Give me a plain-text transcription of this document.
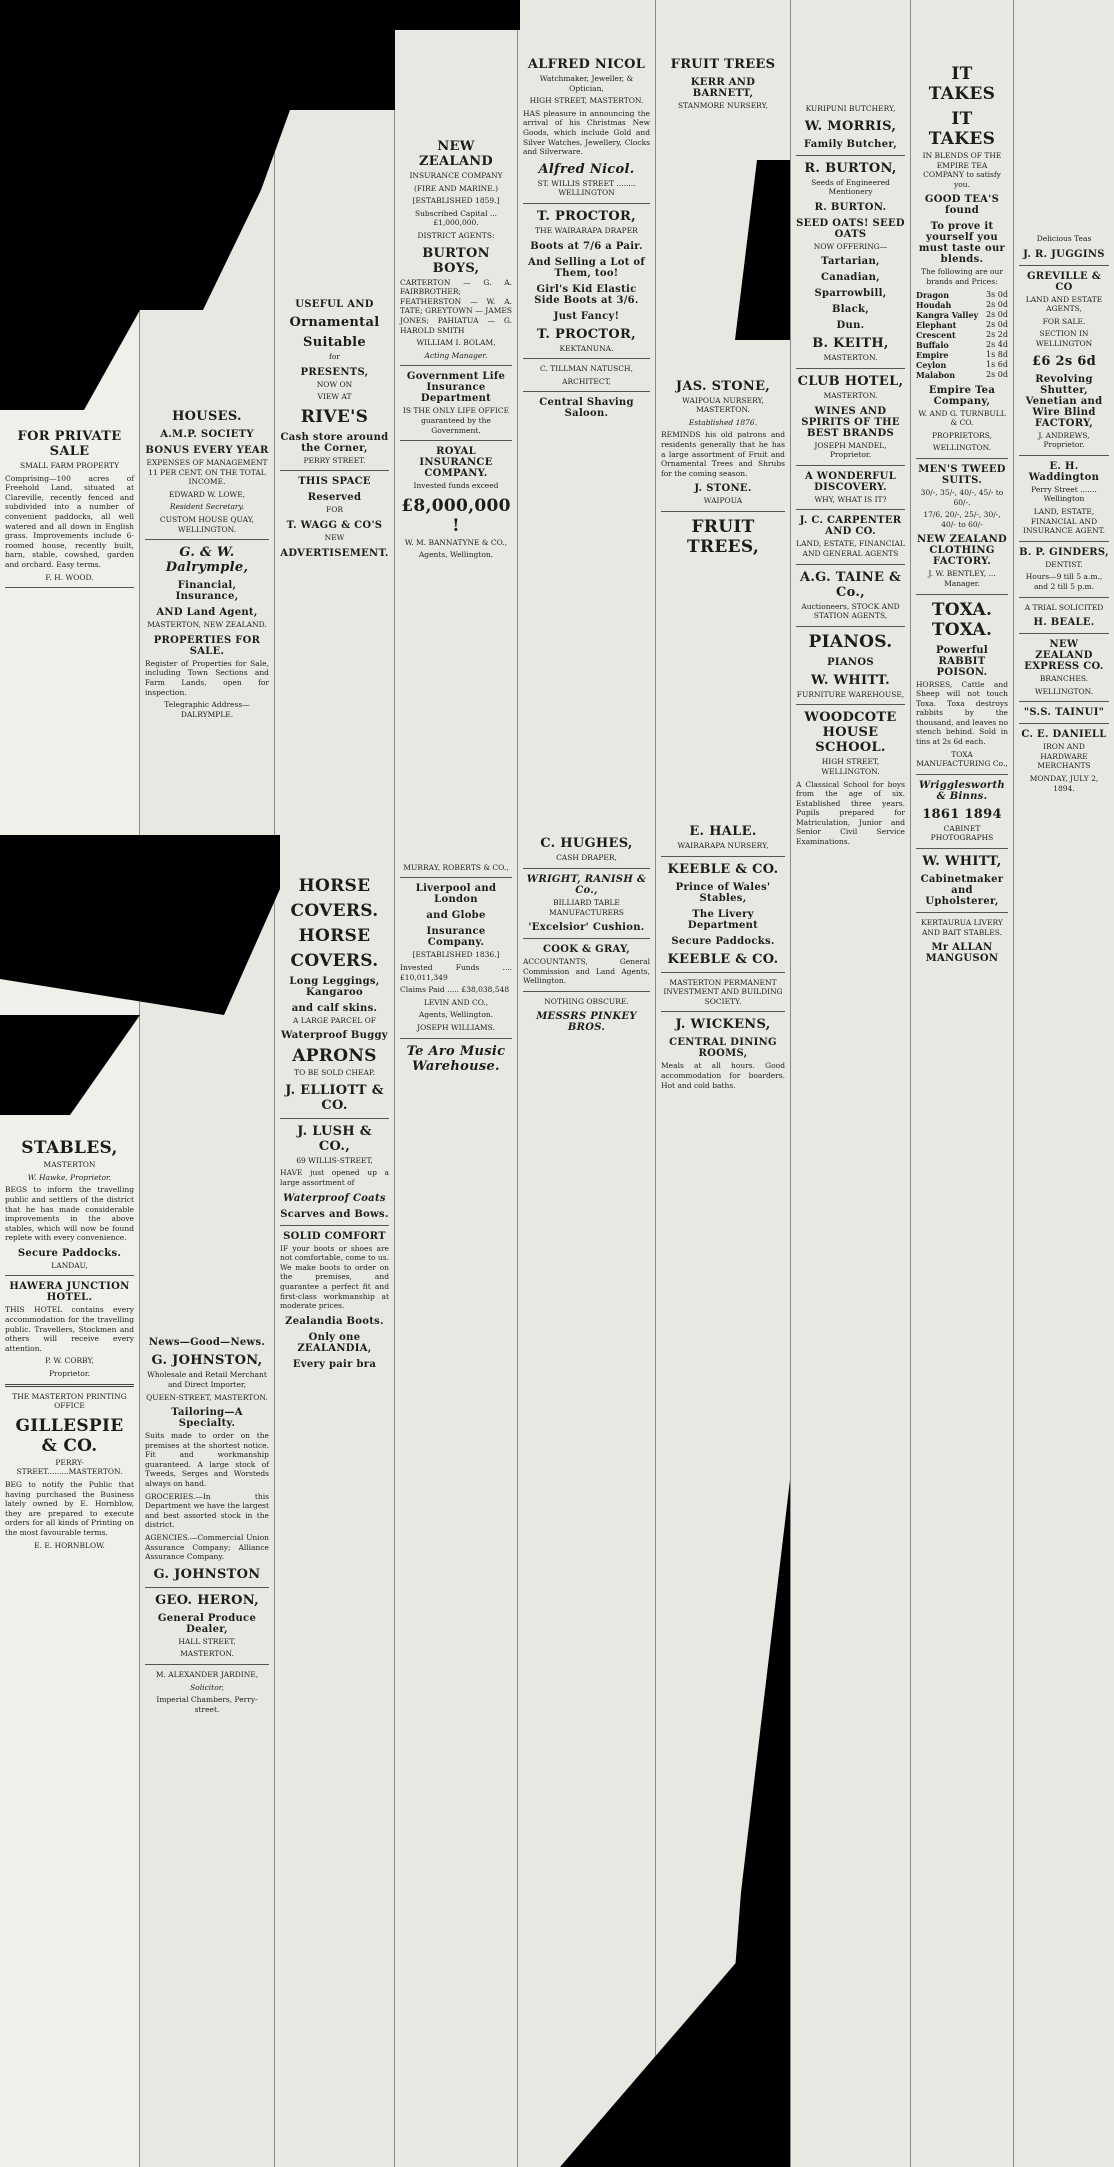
FOR PRIVATE SALE

SMALL FARM PROPERTY

Comprising—100 acres of Freehold Land, situated at Clareville, recently fenced and subdivided into a number of convenient paddocks, all well watered and all down in English grass. Improvements include 6-roomed house, recently built, barn, stable, cowshed, garden and orchard. Easy terms.

F. H. WOOD.

STABLES,

MASTERTON

W. Hawke, Proprietor.

BEGS to inform the travelling public and settlers of the district that he has made considerable improvements in the above stables, which will now be found replete with every convenience.

Secure Paddocks.

LANDAU,

HAWERA JUNCTION HOTEL.

THIS HOTEL contains every accommodation for the travelling public. Travellers, Stockmen and others will receive every attention.

P. W. CORBY,

Proprietor.

THE MASTERTON PRINTING OFFICE

GILLESPIE & CO.

PERRY-STREET.........MASTERTON.

BEG to notify the Public that having purchased the Business lately owned by E. Hornblow, they are prepared to execute orders for all kinds of Printing on the most favourable terms.

E. E. HORNBLOW.

HOUSES.
A.M.P. SOCIETY
BONUS EVERY YEAR

EXPENSES OF MANAGEMENT 11 PER CENT. ON THE TOTAL INCOME.

EDWARD W. LOWE,

Resident Secretary.

CUSTOM HOUSE QUAY, WELLINGTON.

G. & W. Dalrymple,
Financial, Insurance,
AND Land Agent,

MASTERTON, NEW ZEALAND.

PROPERTIES FOR SALE.

Register of Properties for Sale, including Town Sections and Farm Lands, open for inspection.

Telegraphic Address—DALRYMPLE.

News—Good—News.
G. JOHNSTON,

Wholesale and Retail Merchant and Direct Importer,

QUEEN-STREET, MASTERTON.

Tailoring—A Specialty.

Suits made to order on the premises at the shortest notice. Fit and workmanship guaranteed. A large stock of Tweeds, Serges and Worsteds always on hand.

GROCERIES.—In this Department we have the largest and best assorted stock in the district.

AGENCIES.—Commercial Union Assurance Company; Alliance Assurance Company.

G. JOHNSTON
GEO. HERON,
General Produce Dealer,

HALL STREET,

MASTERTON.

M. ALEXANDER JARDINE,

Solicitor,

Imperial Chambers, Perry-street.

USEFUL AND
Ornamental
Suitable

for

PRESENTS,

NOW ON

VIEW AT

RIVE'S
Cash store around the Corner,

PERRY STREET.

THIS SPACE
Reserved

FOR

T. WAGG & CO'S

NEW

ADVERTISEMENT.
HORSE
COVERS.
HORSE
COVERS.
Long Leggings, Kangaroo
and calf skins.

A LARGE PARCEL OF

Waterproof Buggy
APRONS

TO BE SOLD CHEAP.

J. ELLIOTT & CO.
J. LUSH & CO.,

69 WILLIS-STREET,

HAVE just opened up a large assortment of

Waterproof Coats
Scarves and Bows.
SOLID COMFORT

IF your boots or shoes are not comfortable, come to us. We make boots to order on the premises, and guarantee a perfect fit and first-class workmanship at moderate prices.

Zealandia Boots.
Only one ZEALANDIA,
Every pair bra
NEW ZEALAND

INSURANCE COMPANY

(FIRE AND MARINE.)

[ESTABLISHED 1859.]

Subscribed Capital ... £1,000,000.

DISTRICT AGENTS:

BURTON BOYS,

CARTERTON — G. A. FAIRBROTHER; FEATHERSTON — W. A. TATE; GREYTOWN — JAMES JONES; PAHIATUA — G. HAROLD SMITH

WILLIAM I. BOLAM,

Acting Manager.

Government Life Insurance Department

IS THE ONLY LIFE OFFICE guaranteed by the Government.

ROYAL INSURANCE COMPANY.

Invested funds exceed

£8,000,000 !

W. M. BANNATYNE & CO.,

Agents, Wellington.

MURRAY, ROBERTS & CO.,

Liverpool and London
and Globe
Insurance Company.

[ESTABLISHED 1836.]

Invested Funds .... £10,011,349

Claims Paid ..... £38,038,548

LEVIN AND CO.,

Agents, Wellington.

JOSEPH WILLIAMS.

Te Aro Music Warehouse.
ALFRED NICOL

Watchmaker, Jeweller, & Optician,

HIGH STREET, MASTERTON.

HAS pleasure in announcing the arrival of his Christmas New Goods, which include Gold and Silver Watches, Jewellery, Clocks and Silverware.

Alfred Nicol.

ST. WILLIS STREET ........ WELLINGTON

T. PROCTOR,

THE WAIRARAPA DRAPER

Boots at 7/6 a Pair.
And Selling a Lot of Them, too!
Girl's Kid Elastic Side Boots at 3/6.
Just Fancy!
T. PROCTOR,

KEKTANUNA.

C. TILLMAN NATUSCH,

ARCHITECT,

Central Shaving Saloon.
C. HUGHES,

CASH DRAPER,

WRIGHT, RANISH & Co.,

BILLIARD TABLE MANUFACTURERS

'Excelsior' Cushion.
COOK & GRAY,

ACCOUNTANTS, General Commission and Land Agents, Wellington.

NOTHING OBSCURE.

MESSRS PINKEY BROS.
FRUIT TREES
KERR AND BARNETT,

STANMORE NURSERY,

JAS. STONE,

WAIPOUA NURSERY, MASTERTON.

Established 1876.

REMINDS his old patrons and residents generally that he has a large assortment of Fruit and Ornamental Trees and Shrubs for the coming season.

J. STONE.

WAIPOUA

FRUIT TREES,
E. HALE.

WAIRARAPA NURSERY,

KEEBLE & CO.
Prince of Wales' Stables,
The Livery Department
Secure Paddocks.
KEEBLE & CO.

MASTERTON PERMANENT INVESTMENT AND BUILDING SOCIETY.

J. WICKENS,
CENTRAL DINING ROOMS,

Meals at all hours. Good accommodation for boarders. Hot and cold baths.

KURIPUNI BUTCHERY,

W. MORRIS,
Family Butcher,
R. BURTON,

Seeds of Engineered Mentionery

R. BURTON.
SEED OATS! SEED OATS

NOW OFFERING—

Tartarian,
Canadian,
Sparrowbill,
Black,
Dun.
B. KEITH,

MASTERTON.

CLUB HOTEL,

MASTERTON.

WINES AND SPIRITS OF THE BEST BRANDS

JOSEPH MANDEL, Proprietor.

A WONDERFUL DISCOVERY.

WHY, WHAT IS IT?

J. C. CARPENTER AND CO.

LAND, ESTATE, FINANCIAL AND GENERAL AGENTS

A.G. TAINE & Co.,

Auctioneers, STOCK AND STATION AGENTS,

PIANOS.
PIANOS
W. WHITT.

FURNITURE WAREHOUSE,

WOODCOTE HOUSE SCHOOL.

HIGH STREET, WELLINGTON.

A Classical School for boys from the age of six. Established three years. Pupils prepared for Matriculation, Junior and Senior Civil Service Examinations.

IT TAKES
IT TAKES

IN BLENDS OF THE EMPIRE TEA COMPANY to satisfy you.

GOOD TEA'S found
To prove it yourself you must taste our blends.

The following are our brands and Prices:

Dragon	3s 0d
Houdah	2s 0d
Kangra Valley 2s 0d
Elephant	2s 0d
Crescent	2s 2d
Buffalo	2s 4d
Empire	1s 8d
Ceylon	1s 6d
Malabon	2s 0d
Empire Tea Company,

W. AND G. TURNBULL & CO.

PROPRIETORS,

WELLINGTON.

MEN'S TWEED SUITS.

30/-, 35/-, 40/-, 45/- to 60/-.

17/6, 20/-, 25/-, 30/-, 40/- to 60/-

NEW ZEALAND CLOTHING FACTORY.

J. W. BENTLEY, ... Manager.

TOXA. TOXA.
Powerful RABBIT POISON.

HORSES, Cattle and Sheep will not touch Toxa. Toxa destroys rabbits by the thousand, and leaves no stench behind. Sold in tins at 2s 6d each.

TOXA MANUFACTURING Co.,

Wrigglesworth & Binns.
1861 1894

CABINET PHOTOGRAPHS

W. WHITT,
Cabinetmaker and Upholsterer,

KERTAURUA LIVERY AND BAIT STABLES.

Mr ALLAN MANGUSON

Delicious Teas

J. R. JUGGINS
GREVILLE & CO

LAND AND ESTATE AGENTS,

FOR SALE.

SECTION IN WELLINGTON

£6 2s 6d
Revolving Shutter, Venetian and Wire Blind FACTORY,

J. ANDREWS, Proprietor.

E. H. Waddington

Perry Street ....... Wellington

LAND, ESTATE, FINANCIAL AND INSURANCE AGENT.

B. P. GINDERS,

DENTIST.

Hours—9 till 5 a.m., and 2 till 5 p.m.

A TRIAL SOLICITED

H. BEALE.
NEW ZEALAND EXPRESS CO.

BRANCHES.

WELLINGTON.

"S.S. TAINUI"
C. E. DANIELL

IRON AND HARDWARE MERCHANTS

MONDAY, JULY 2, 1894.
